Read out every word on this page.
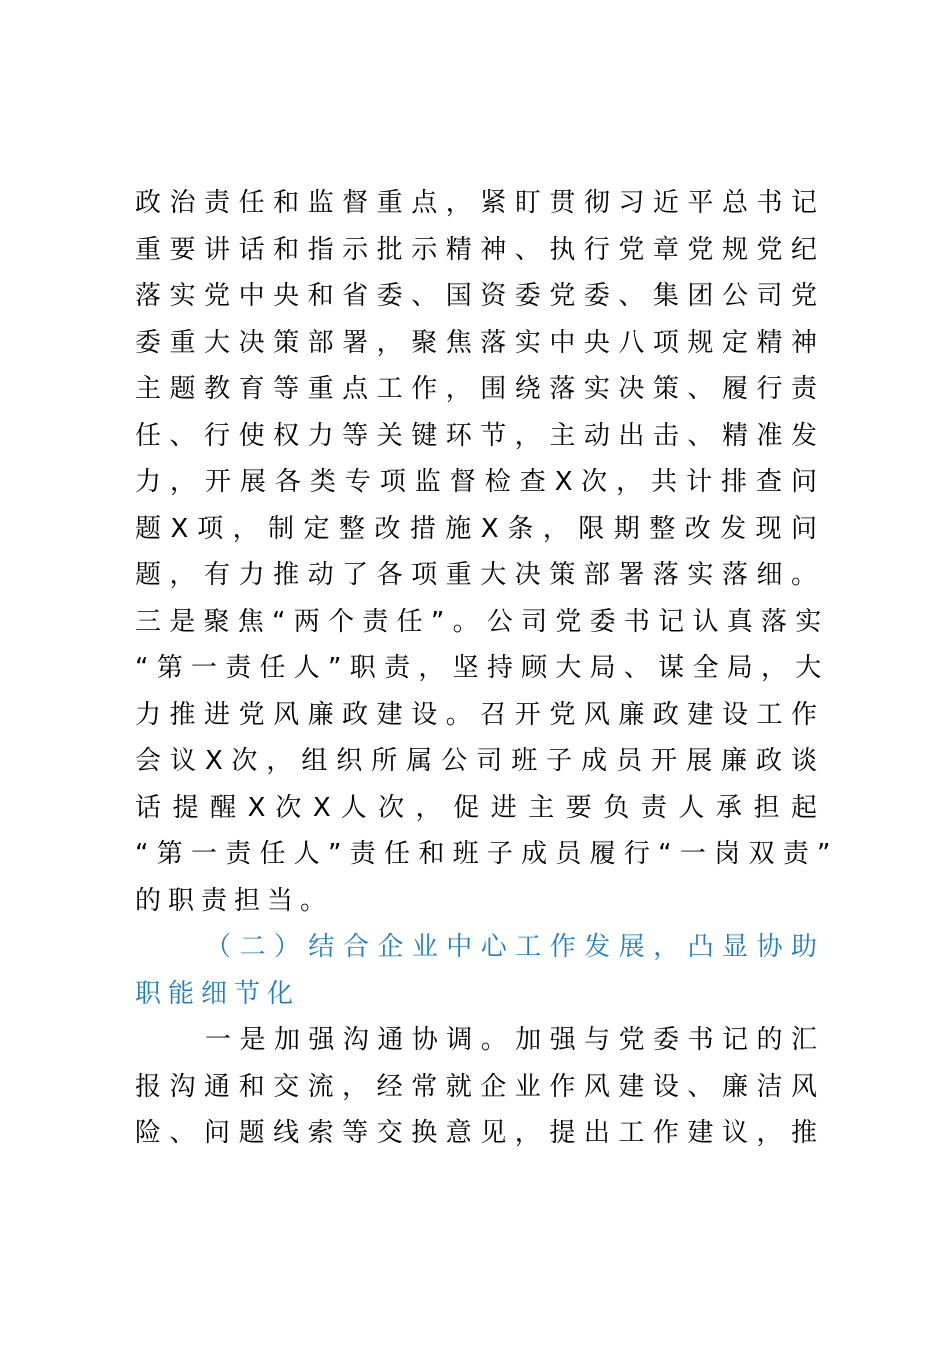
政 治 责 任 和 监 督 重 点 ， 紧 盯 贯 彻 习 近 平 总 书 记
重 要 讲 话 和 指 示 批 示 精 神 、 执 行 党 章 党 规 党 纪
落 实 党 中 央 和 省 委 、 国 资 委 党 委 、 集 团 公 司 党
委 重 大 决 策 部 署 ， 聚 焦 落 实 中 央 八 项 规 定 精 神
主 题 教 育 等 重 点 工 作 ， 围 绕 落 实 决 策 、 履 行 责
任 、 行 使 权 力 等 关 键 环 节 ， 主 动 出 击 、 精 准 发
力 ， 开 展 各 类 专 项 监 督 检 查 X 次 ， 共 计 排 查 问
题 X 项 ， 制 定 整 改 措 施 X 条 ， 限 期 整 改 发 现 问
题 ， 有 力 推 动 了 各 项 重 大 决 策 部 署 落 实 落 细 。
三 是 聚 焦 “ 两 个 责 任 ” 。 公 司 党 委 书 记 认 真 落 实
“ 第 一 责 任 人 ” 职 责 ， 坚 持 顾 大 局 、 谋 全 局 ， 大
力 推 进 党 风 廉 政 建 设 。 召 开 党 风 廉 政 建 设 工 作
会 议 X 次 ， 组 织 所 属 公 司 班 子 成 员 开 展 廉 政 谈
话 提 醒 X 次 X 人 次 ， 促 进 主 要 负 责 人 承 担 起
“ 第 一 责 任 人 ” 责 任 和 班 子 成 员 履 行 “ 一 岗 双 责 ”
的职责担当。
（ 二 ） 结 合 企 业 中 心 工 作 发 展 ， 凸 显 协 助
职能细节化
一 是 加 强 沟 通 协 调 。 加 强 与 党 委 书 记 的 汇
报 沟 通 和 交 流 ， 经 常 就 企 业 作 风 建 设 、 廉 洁 风
险 、 问 题 线 索 等 交 换 意 见 ， 提 出 工 作 建 议 ， 推
